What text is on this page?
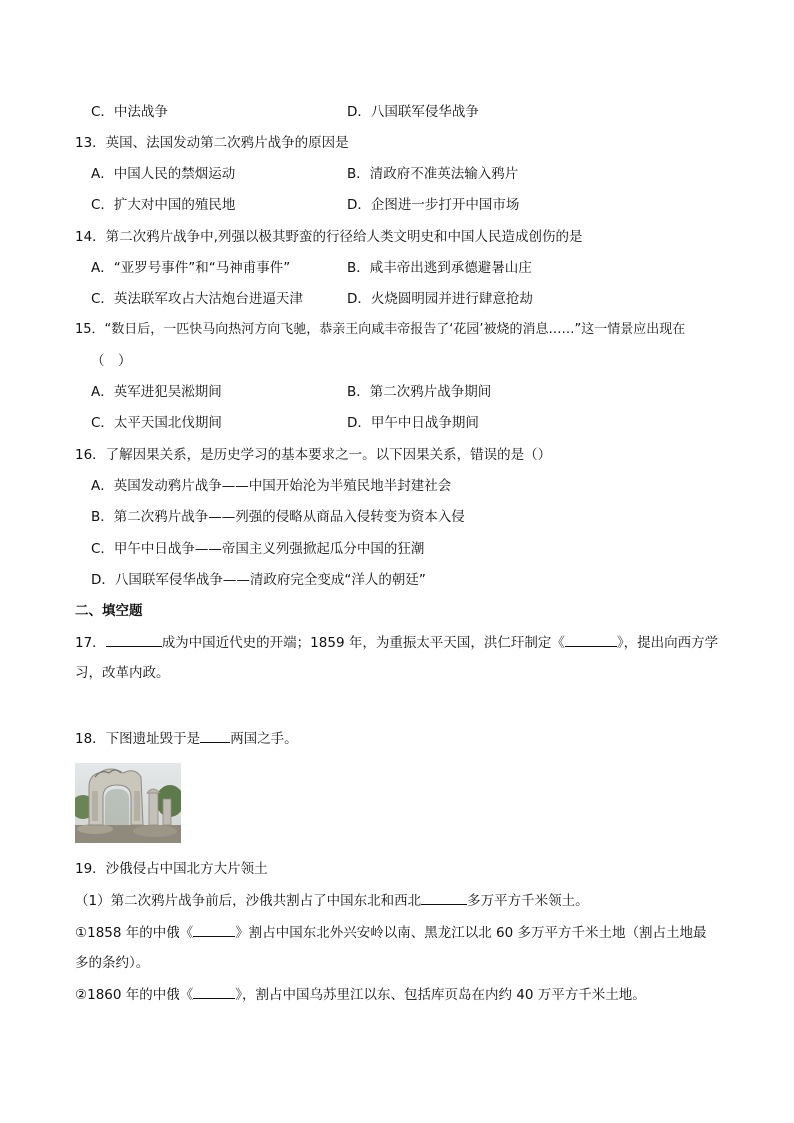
C．中法战争	D．八国联军侵华战争
13．英国、法国发动第二次鸦片战争的原因是
A．中国人民的禁烟运动	B．清政府不准英法输入鸦片
C．扩大对中国的殖民地	D．企图进一步打开中国市场
14．第二次鸦片战争中,列强以极其野蛮的行径给人类文明史和中国人民造成创伤的是
A．“亚罗号事件”和“马神甫事件”	B．咸丰帝出逃到承德避暑山庄
C．英法联军攻占大沽炮台进逼天津	D．火烧圆明园并进行肆意抢劫
15．“数日后，一匹快马向热河方向飞驰，恭亲王向咸丰帝报告了‘花园’被烧的消息……”这一情景应出现在
（　）
A．英军进犯吴淞期间	B．第二次鸦片战争期间
C．太平天国北伐期间	D．甲午中日战争期间
16．了解因果关系，是历史学习的基本要求之一。以下因果关系，错误的是（）
A．英国发动鸦片战争——中国开始沦为半殖民地半封建社会
B．第二次鸦片战争——列强的侵略从商品入侵转变为资本入侵
C．甲午中日战争——帝国主义列强掀起瓜分中国的狂潮
D．八国联军侵华战争——清政府完全变成“洋人的朝廷”
二、填空题
17．	成为中国近代史的开端；1859 年，为重振太平天国，洪仁玕制定《	》，提出向西方学
习，改革内政。
18．下图遗址毁于是 两国之手。
19．沙俄侵占中国北方大片领土
（1）第二次鸦片战争前后，沙俄共割占了中国东北和西北	多万平方千米领土。
①1858 年的中俄《	》割占中国东北外兴安岭以南、黑龙江以北 60 多万平方千米土地（割占土地最
多的条约）。
②1860 年的中俄《	》，割占中国乌苏里江以东、包括库页岛在内约 40 万平方千米土地。
